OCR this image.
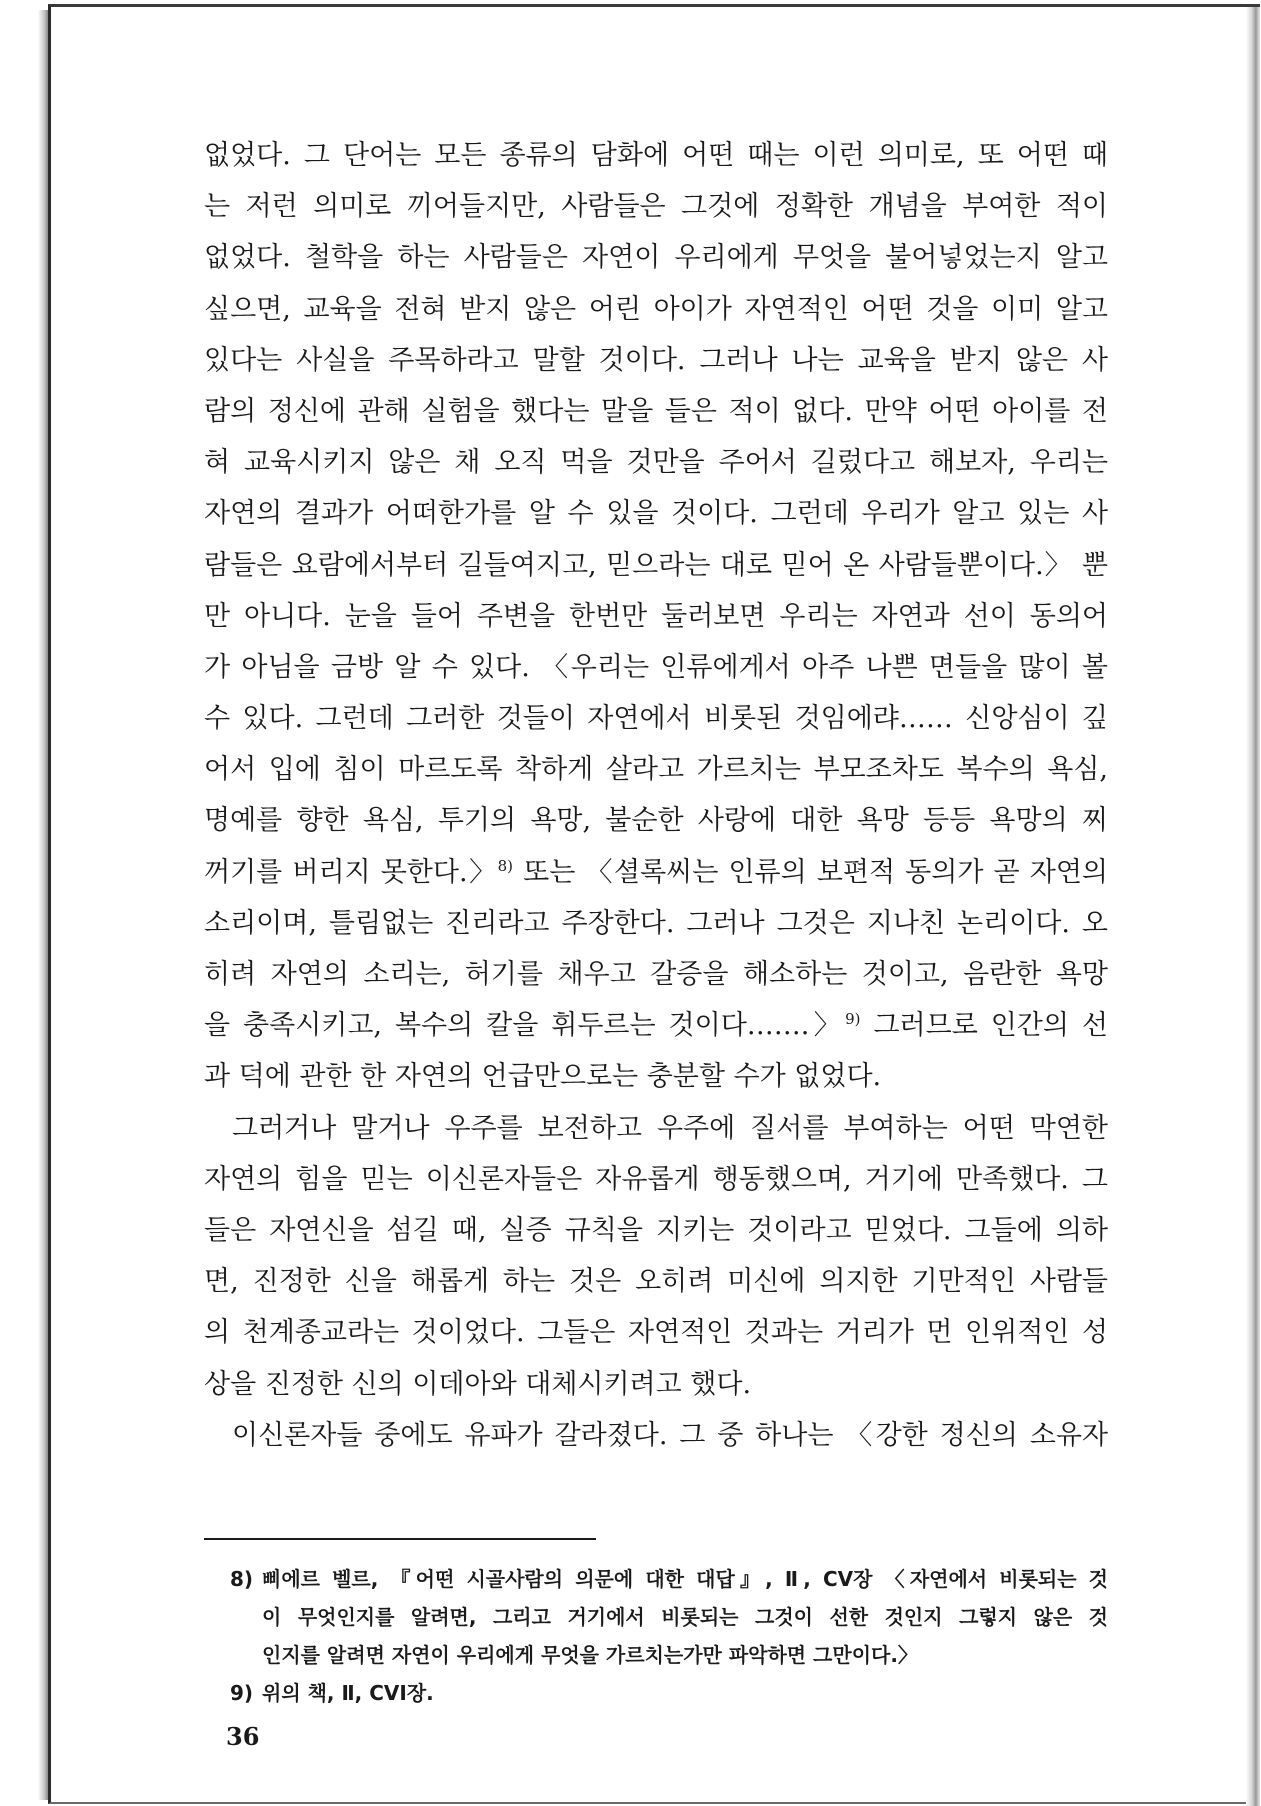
없었다. 그 단어는 모든 종류의 담화에 어떤 때는 이런 의미로, 또 어떤 때
는 저런 의미로 끼어들지만, 사람들은 그것에 정확한 개념을 부여한 적이
없었다. 철학을 하는 사람들은 자연이 우리에게 무엇을 불어넣었는지 알고
싶으면, 교육을 전혀 받지 않은 어린 아이가 자연적인 어떤 것을 이미 알고
있다는 사실을 주목하라고 말할 것이다. 그러나 나는 교육을 받지 않은 사
람의 정신에 관해 실험을 했다는 말을 들은 적이 없다. 만약 어떤 아이를 전
혀 교육시키지 않은 채 오직 먹을 것만을 주어서 길렀다고 해보자, 우리는
자연의 결과가 어떠한가를 알 수 있을 것이다. 그런데 우리가 알고 있는 사
람들은 요람에서부터 길들여지고, 믿으라는 대로 믿어 온 사람들뿐이다.〉 뿐
만 아니다. 눈을 들어 주변을 한번만 둘러보면 우리는 자연과 선이 동의어
가 아님을 금방 알 수 있다. 〈우리는 인류에게서 아주 나쁜 면들을 많이 볼
수 있다. 그런데 그러한 것들이 자연에서 비롯된 것임에랴…… 신앙심이 깊
어서 입에 침이 마르도록 착하게 살라고 가르치는 부모조차도 복수의 욕심,
명예를 향한 욕심, 투기의 욕망, 불순한 사랑에 대한 욕망 등등 욕망의 찌
꺼기를 버리지 못한다.〉$^{8)}$ 또는 〈셜록씨는 인류의 보편적 동의가 곧 자연의
소리이며, 틀림없는 진리라고 주장한다. 그러나 그것은 지나친 논리이다. 오
히려 자연의 소리는, 허기를 채우고 갈증을 해소하는 것이고, 음란한 욕망
을 충족시키고, 복수의 칼을 휘두르는 것이다…….〉$^{9)}$ 그러므로 인간의 선
과 덕에 관한 한 자연의 언급만으로는 충분할 수가 없었다.
그러거나 말거나 우주를 보전하고 우주에 질서를 부여하는 어떤 막연한
자연의 힘을 믿는 이신론자들은 자유롭게 행동했으며, 거기에 만족했다. 그
들은 자연신을 섬길 때, 실증 규칙을 지키는 것이라고 믿었다. 그들에 의하
면, 진정한 신을 해롭게 하는 것은 오히려 미신에 의지한 기만적인 사람들
의 천계종교라는 것이었다. 그들은 자연적인 것과는 거리가 먼 인위적인 성
상을 진정한 신의 이데아와 대체시키려고 했다.
이신론자들 중에도 유파가 갈라졌다. 그 중 하나는 〈강한 정신의 소유자
8) 삐에르 벨르, 『어떤 시골사람의 의문에 대한 대답』, Ⅱ, CV장 〈자연에서 비롯되는 것
이 무엇인지를 알려면, 그리고 거기에서 비롯되는 그것이 선한 것인지 그렇지 않은 것
인지를 알려면 자연이 우리에게 무엇을 가르치는가만 파악하면 그만이다.〉
9) 위의 책, Ⅱ, CVI장.
36
